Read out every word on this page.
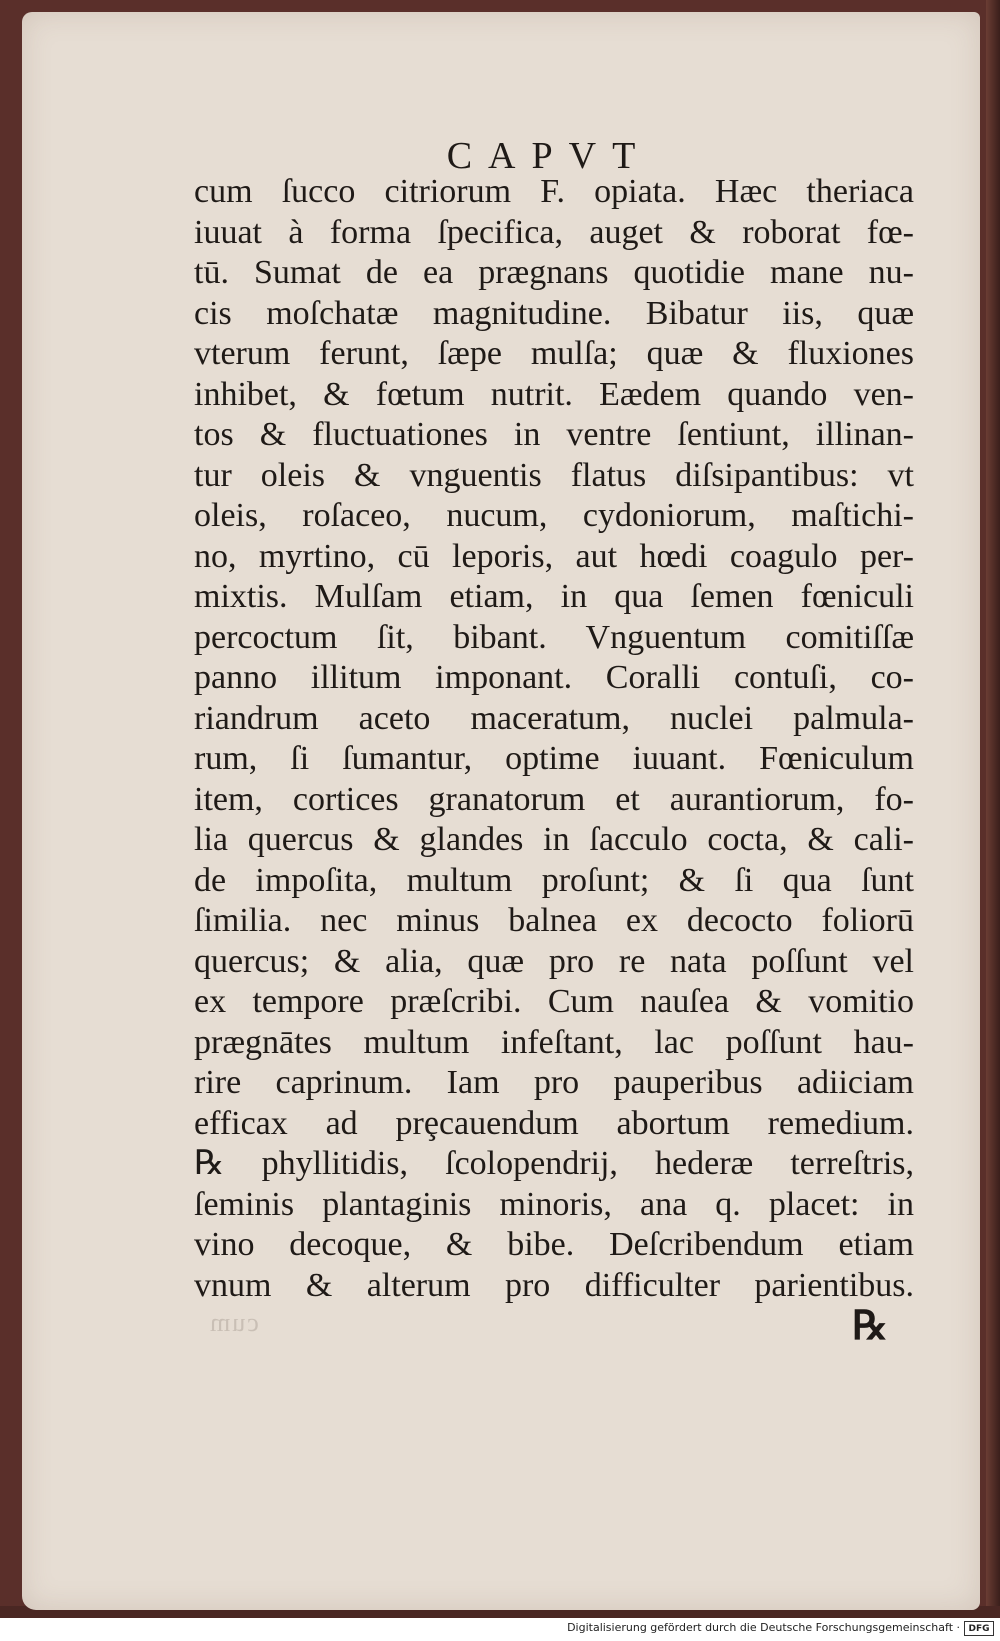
CAPVT
cum ſucco citriorum F. opiata. Hæc theriaca
iuuat à forma ſpecifica, auget & roborat fœ-
tū. Sumat de ea prægnans quotidie mane nu-
cis moſchatæ magnitudine. Bibatur iis, quæ
vterum ferunt, ſæpe mulſa; quæ & fluxiones
inhibet, & fœtum nutrit. Eædem quando ven-
tos & fluctuationes in ventre ſentiunt, illinan-
tur oleis & vnguentis flatus diſsipantibus: vt
oleis, roſaceo, nucum, cydoniorum, maſtichi-
no, myrtino, cū leporis, aut hœdi coagulo per-
mixtis. Mulſam etiam, in qua ſemen fœniculi
percoctum ſit, bibant. Vnguentum comitiſſæ
panno illitum imponant. Coralli contuſi, co-
riandrum aceto maceratum, nuclei palmula-
rum, ſi ſumantur, optime iuuant. Fœniculum
item, cortices granatorum et aurantiorum, fo-
lia quercus & glandes in ſacculo cocta, & cali-
de impoſita, multum proſunt; & ſi qua ſunt
ſimilia. nec minus balnea ex decocto foliorū
quercus; & alia, quæ pro re nata poſſunt vel
ex tempore præſcribi. Cum nauſea & vomitio
prægnātes multum infeſtant, lac poſſunt hau-
rire caprinum. Iam pro pauperibus adiiciam
efficax ad prȩcauendum abortum remedium.
℞ phyllitidis, ſcolopendrij, hederæ terreſtris,
ſeminis plantaginis minoris, ana q. placet: in
vino decoque, & bibe. Deſcribendum etiam
vnum & alterum pro difficulter parientibus.
cum	℞
Digitalisierung gefördert durch die Deutsche Forschungsgemeinschaft · DFG
